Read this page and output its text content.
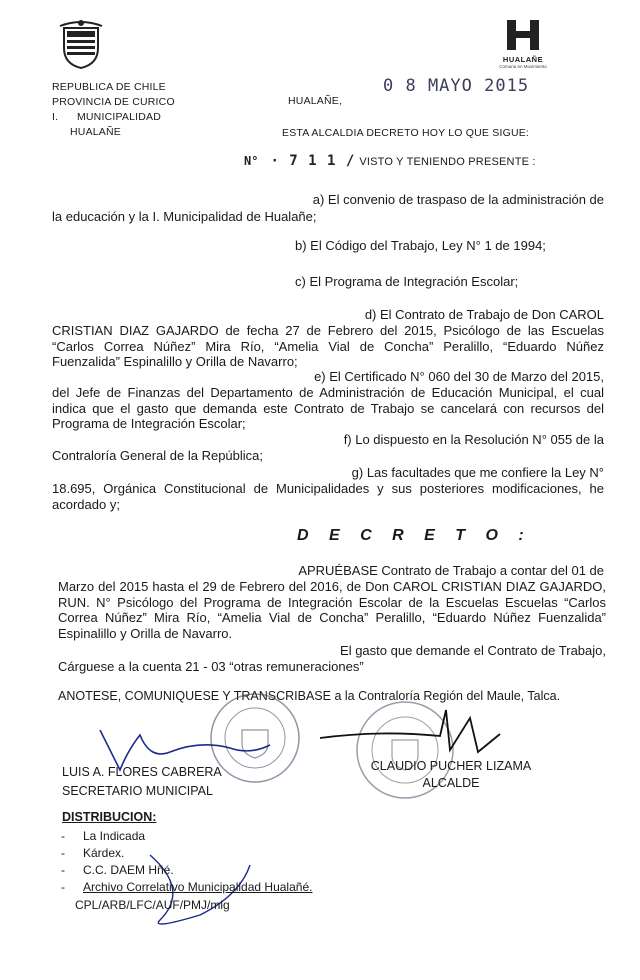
HUALAÑE
Comuna en Movimiento
REPUBLICA DE CHILE
PROVINCIA DE CURICO
I.      MUNICIPALIDAD
HUALAÑE
HUALAÑE,
0 8 MAYO 2015
ESTA ALCALDIA DECRETO HOY LO QUE SIGUE:
N° · 7 1 1 / VISTO Y TENIENDO PRESENTE :
a) El convenio de traspaso de la administración de
la educación y la I. Municipalidad de Hualañe;
b) El Código del Trabajo, Ley N° 1 de 1994;
c) El Programa de Integración Escolar;
d) El Contrato de Trabajo de Don CAROL
CRISTIAN DIAZ GAJARDO de fecha 27 de Febrero del 2015, Psicólogo de las Escuelas “Carlos Correa Núñez” Mira Río, “Amelia Vial de Concha” Peralillo, “Eduardo Núñez Fuenzalida” Espinalillo y Orilla de Navarro;
e) El Certificado N° 060 del 30 de Marzo del 2015,
del Jefe de Finanzas del Departamento de Administración de Educación Municipal, el cual indica que el gasto que demanda este Contrato de Trabajo se cancelará con recursos del Programa de Integración Escolar;
f) Lo dispuesto en la Resolución N° 055 de la
Contraloría General de la República;
g) Las facultades que me confiere la Ley N°
18.695, Orgánica Constitucional de Municipalidades y sus posteriores modificaciones, he acordado y;
D E C R E T O :
APRUÉBASE Contrato de Trabajo a contar del 01 de
Marzo del 2015 hasta el 29 de Febrero del 2016, de Don CAROL CRISTIAN DIAZ GAJARDO, RUN. N° Psicólogo del Programa de Integración Escolar de la Escuelas Escuelas “Carlos Correa Núñez” Mira Río, “Amelia Vial de Concha” Peralillo, “Eduardo Núñez Fuenzalida” Espinalillo y Orilla de Navarro.
El gasto que demande el Contrato de Trabajo,
Cárguese a la cuenta 21 - 03 “otras remuneraciones”
ANOTESE, COMUNIQUESE Y TRANSCRIBASE a la Contraloría Región del Maule, Talca.
LUIS A. FLORES CABRERA
SECRETARIO MUNICIPAL
CLAUDIO PUCHER LIZAMA
ALCALDE
DISTRIBUCION:
- La Indicada
- Kárdex.
- C.C. DAEM Hñé.
- Archivo Correlativo Municipalidad Hualañé.
CPL/ARB/LFC/AUF/PMJ/mig
